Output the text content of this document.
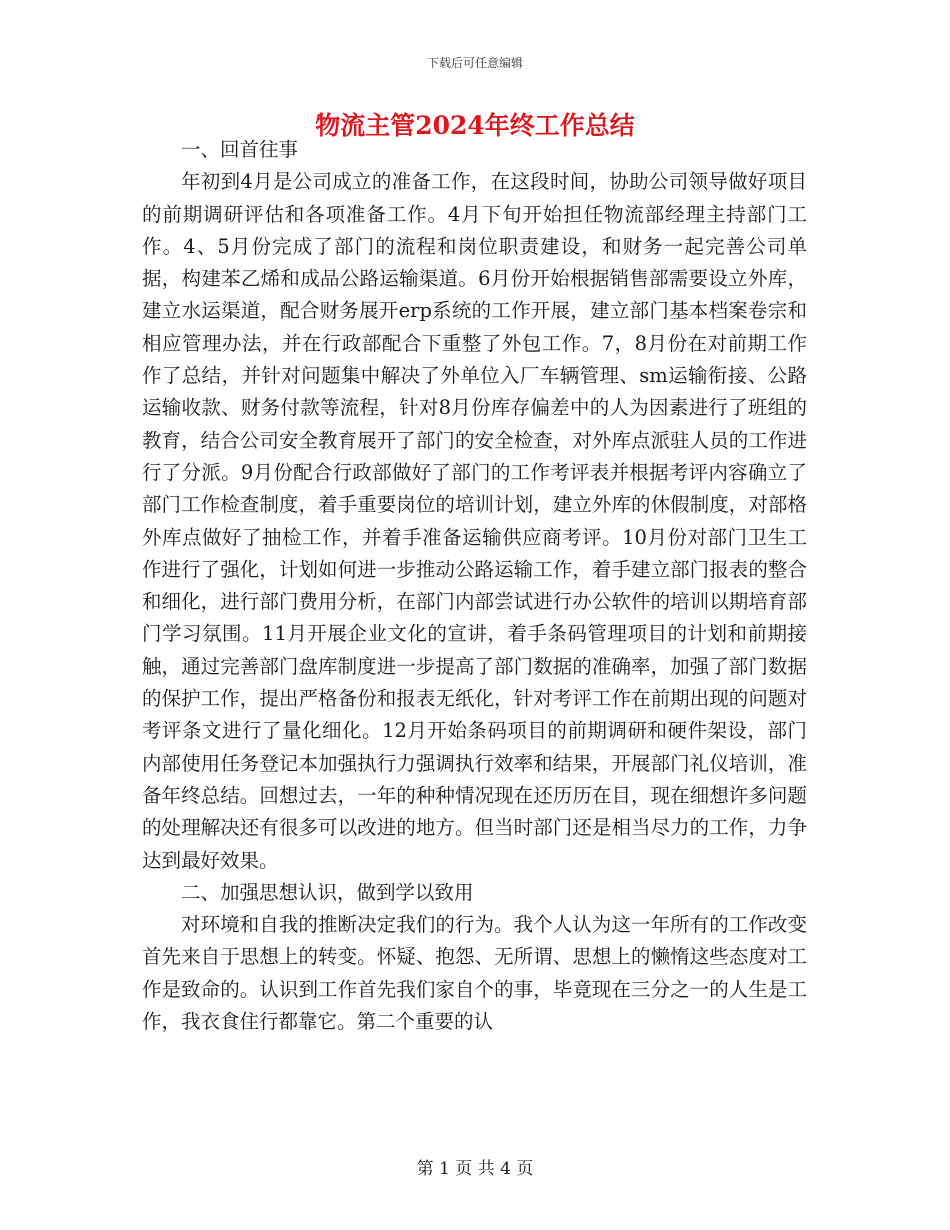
下载后可任意编辑
物流主管2024年终工作总结

一、回首往事

年初到4月是公司成立的准备工作，在这段时间，协助公司领导做好项目的前期调研评估和各项准备工作。4月下旬开始担任物流部经理主持部门工作。4、5月份完成了部门的流程和岗位职责建设，和财务一起完善公司单据，构建苯乙烯和成品公路运输渠道。6月份开始根据销售部需要设立外库，建立水运渠道，配合财务展开erp系统的工作开展，建立部门基本档案卷宗和相应管理办法，并在行政部配合下重整了外包工作。7，8月份在对前期工作作了总结，并针对问题集中解决了外单位入厂车辆管理、sm运输衔接、公路运输收款、财务付款等流程，针对8月份库存偏差中的人为因素进行了班组的教育，结合公司安全教育展开了部门的安全检查，对外库点派驻人员的工作进行了分派。9月份配合行政部做好了部门的工作考评表并根据考评内容确立了部门工作检查制度，着手重要岗位的培训计划，建立外库的休假制度，对部格外库点做好了抽检工作，并着手准备运输供应商考评。10月份对部门卫生工作进行了强化，计划如何进一步推动公路运输工作，着手建立部门报表的整合和细化，进行部门费用分析，在部门内部尝试进行办公软件的培训以期培育部门学习氛围。11月开展企业文化的宣讲，着手条码管理项目的计划和前期接触，通过完善部门盘库制度进一步提高了部门数据的准确率，加强了部门数据的保护工作，提出严格备份和报表无纸化，针对考评工作在前期出现的问题对考评条文进行了量化细化。12月开始条码项目的前期调研和硬件架设，部门内部使用任务登记本加强执行力强调执行效率和结果，开展部门礼仪培训，准备年终总结。回想过去，一年的种种情况现在还历历在目，现在细想许多问题的处理解决还有很多可以改进的地方。但当时部门还是相当尽力的工作，力争达到最好效果。

二、加强思想认识，做到学以致用

对环境和自我的推断决定我们的行为。我个人认为这一年所有的工作改变首先来自于思想上的转变。怀疑、抱怨、无所谓、思想上的懒惰这些态度对工作是致命的。认识到工作首先我们家自个的事，毕竟现在三分之一的人生是工作，我衣食住行都靠它。第二个重要的认

第 1 页 共 4 页
